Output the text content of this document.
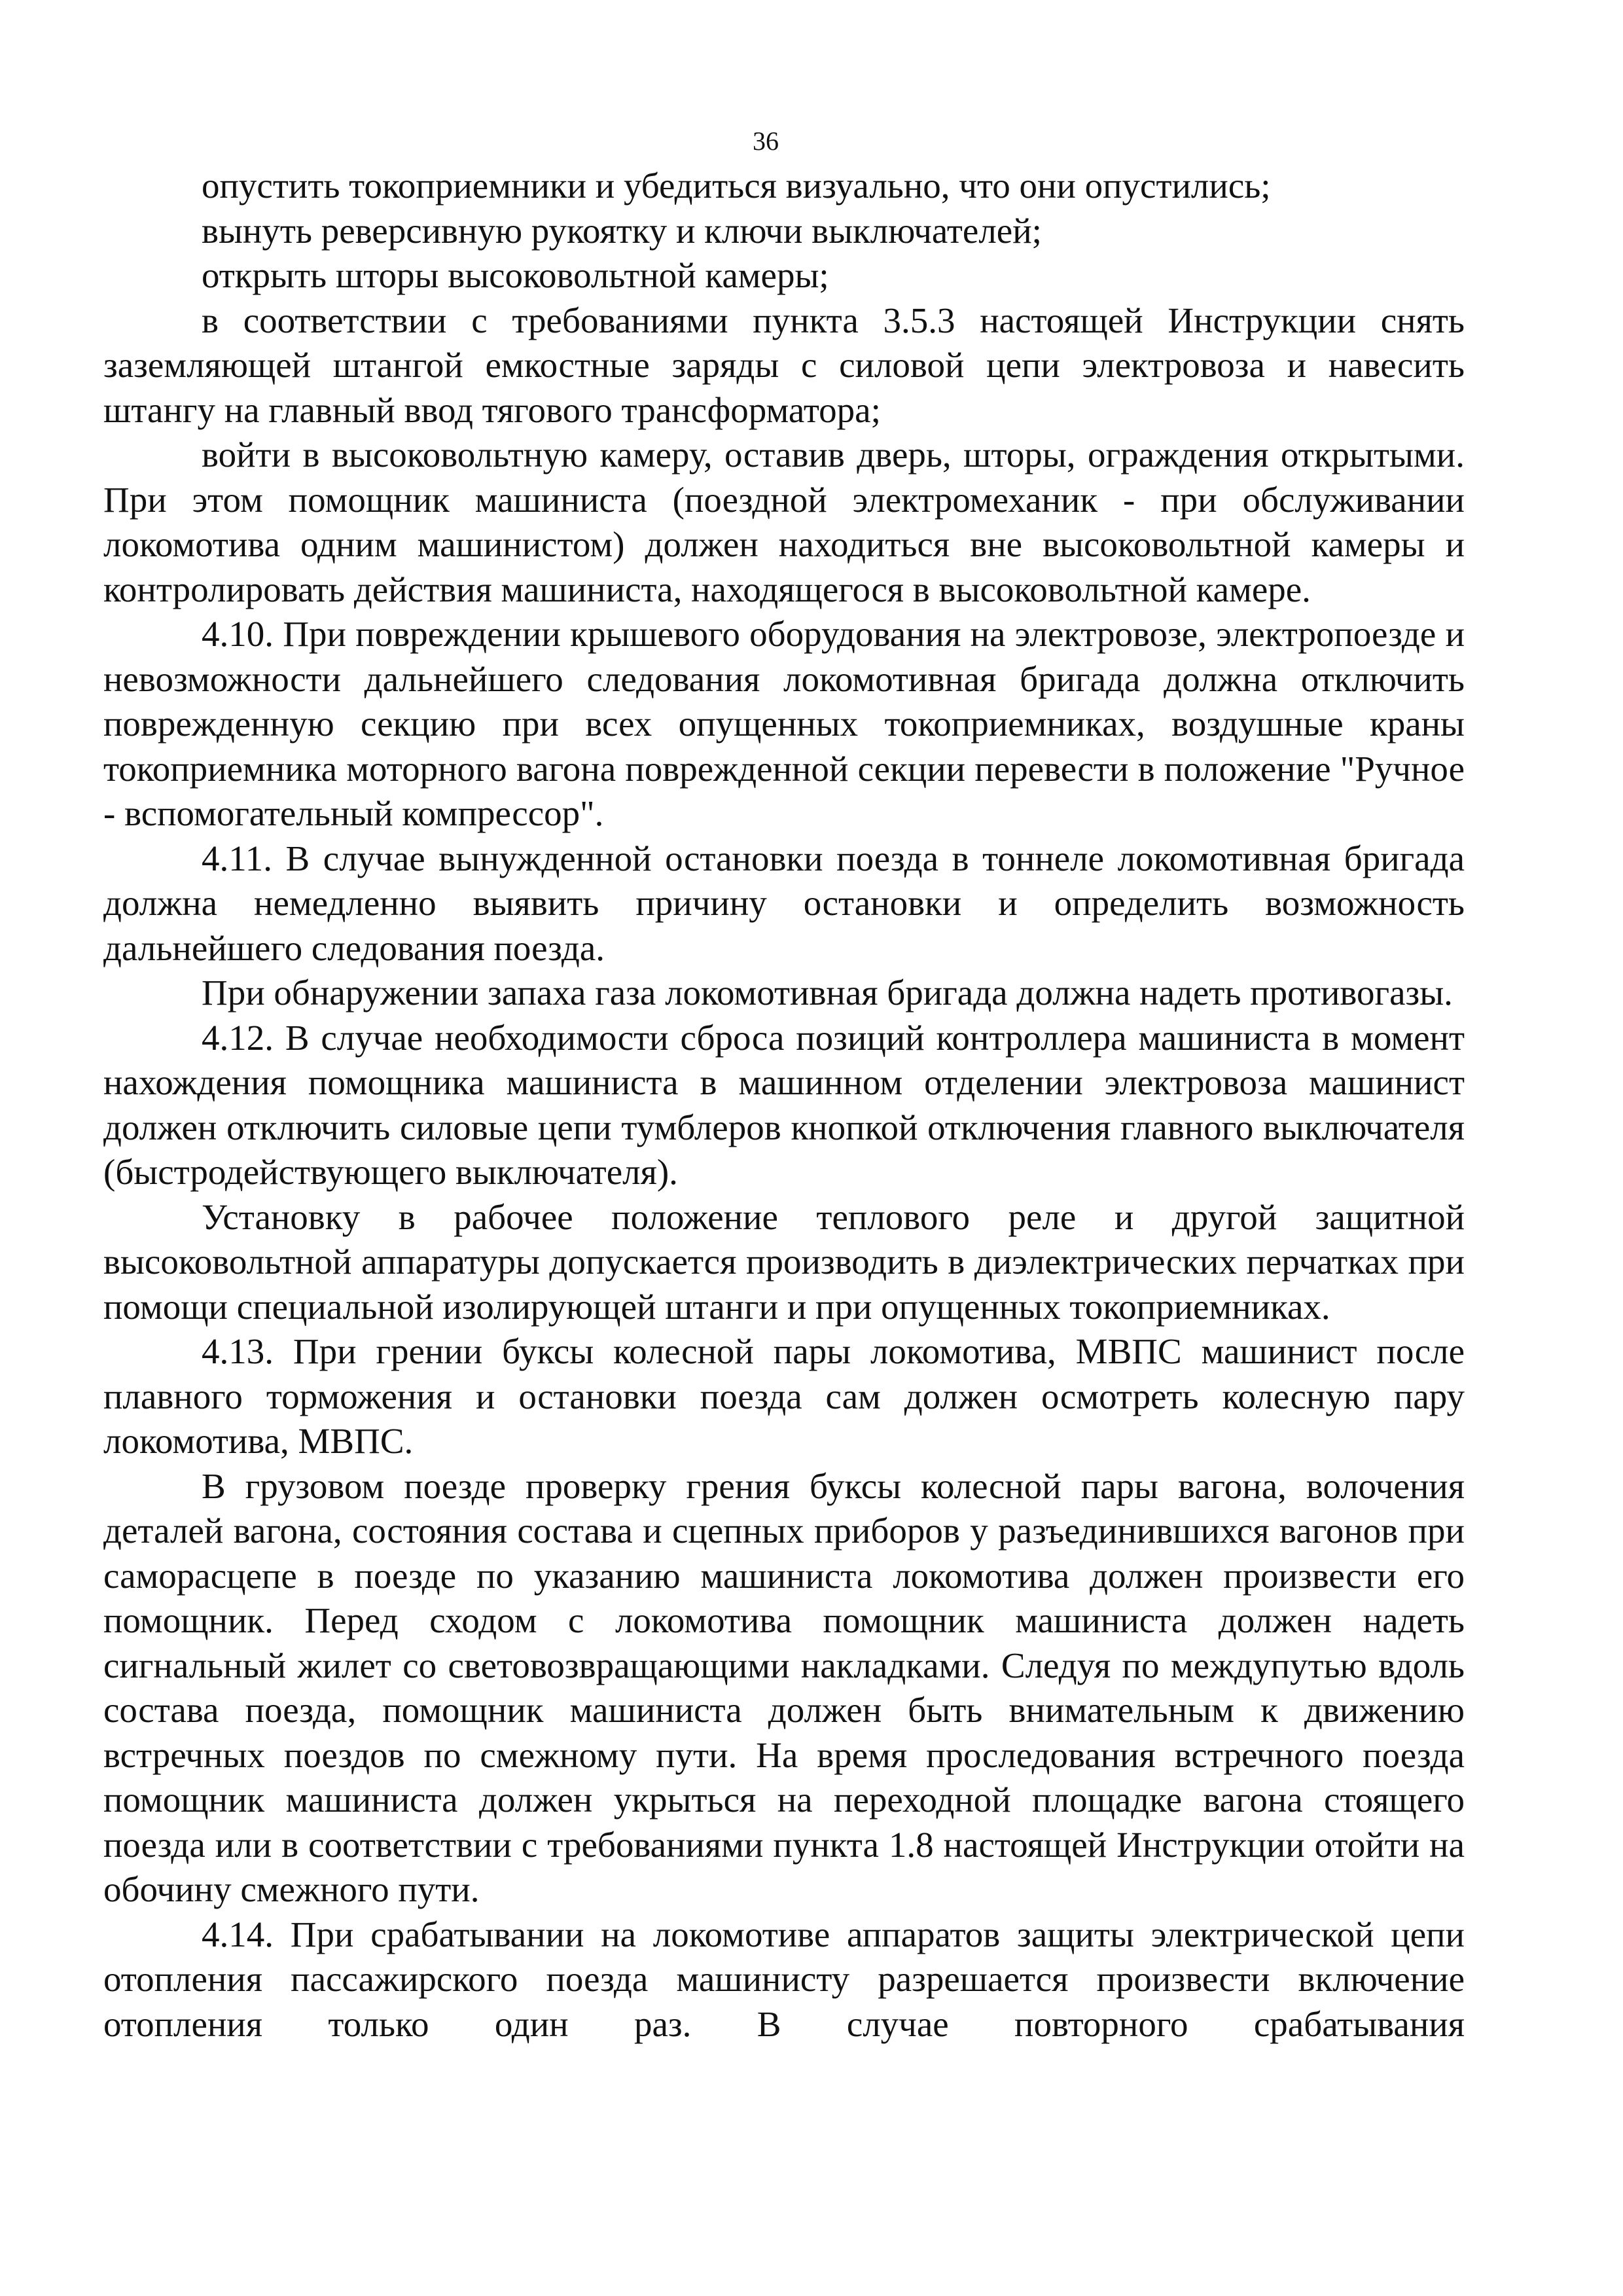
36

опустить токоприемники и убедиться визуально, что они опустились;

вынуть реверсивную рукоятку и ключи выключателей;

открыть шторы высоковольтной камеры;

в соответствии с требованиями пункта 3.5.3 настоящей Инструкции снять заземляющей штангой емкостные заряды с силовой цепи электровоза и навесить штангу на главный ввод тягового трансформатора;

войти в высоковольтную камеру, оставив дверь, шторы, ограждения открытыми. При этом помощник машиниста (поездной электромеханик - при обслуживании локомотива одним машинистом) должен находиться вне высоковольтной камеры и контролировать действия машиниста, находящегося в высоковольтной камере.

4.10. При повреждении крышевого оборудования на электровозе, электропоезде и невозможности дальнейшего следования локомотивная бригада должна отключить поврежденную секцию при всех опущенных токоприемниках, воздушные краны токоприемника моторного вагона поврежденной секции перевести в положение "Ручное - вспомогательный компрессор".

4.11. В случае вынужденной остановки поезда в тоннеле локомотивная бригада должна немедленно выявить причину остановки и определить возможность дальнейшего следования поезда.

При обнаружении запаха газа локомотивная бригада должна надеть противогазы.

4.12. В случае необходимости сброса позиций контроллера машиниста в момент нахождения помощника машиниста в машинном отделении электровоза машинист должен отключить силовые цепи тумблеров кнопкой отключения главного выключателя (быстродействующего выключателя).

Установку в рабочее положение теплового реле и другой защитной высоковольтной аппаратуры допускается производить в диэлектрических перчатках при помощи специальной изолирующей штанги и при опущенных токоприемниках.

4.13. При грении буксы колесной пары локомотива, МВПС машинист после плавного торможения и остановки поезда сам должен осмотреть колесную пару локомотива, МВПС.

В грузовом поезде проверку грения буксы колесной пары вагона, волочения деталей вагона, состояния состава и сцепных приборов у разъединившихся вагонов при саморасцепе в поезде по указанию машиниста локомотива должен произвести его помощник. Перед сходом с локомотива помощник машиниста должен надеть сигнальный жилет со световозвращающими накладками. Следуя по междупутью вдоль состава поезда, помощник машиниста должен быть внимательным к движению встречных поездов по смежному пути. На время проследования встречного поезда помощник машиниста должен укрыться на переходной площадке вагона стоящего поезда или в соответствии с требованиями пункта 1.8 настоящей Инструкции отойти на обочину смежного пути.

4.14. При срабатывании на локомотиве аппаратов защиты электрической цепи отопления пассажирского поезда машинисту разрешается произвести включение отопления только один раз. В случае повторного срабатывания
